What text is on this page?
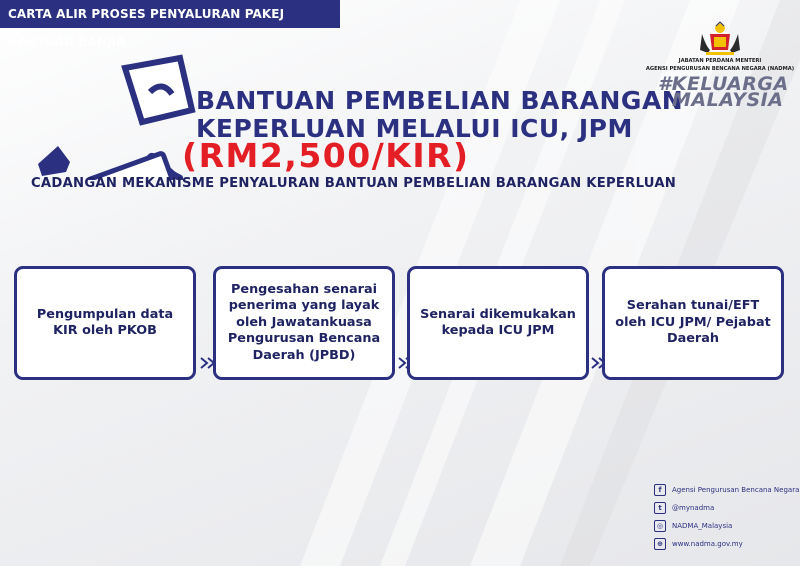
CARTA ALIR PROSES PENYALURAN PAKEJ BANTUAN BANJIR
BANTUAN PEMBELIAN BARANGAN
KEPERLUAN MELALUI ICU, JPM
(RM2,500/KIR)
CADANGAN MEKANISME PENYALURAN BANTUAN PEMBELIAN BARANGAN KEPERLUAN
JABATAN PERDANA MENTERI
AGENSI PENGURUSAN BENCANA NEGARA (NADMA)
#KELUARGA
MALAYSIA
Pengumpulan data KIR oleh PKOB
Pengesahan senarai penerima yang layak oleh Jawatankuasa Pengurusan Bencana Daerah (JPBD)
Senarai dikemukakan kepada ICU JPM
Serahan tunai/EFT oleh ICU JPM/ Pejabat Daerah
f	Agensi Pengurusan Bencana Negara
t	@mynadma
◎	NADMA_Malaysia
⊕	www.nadma.gov.my
